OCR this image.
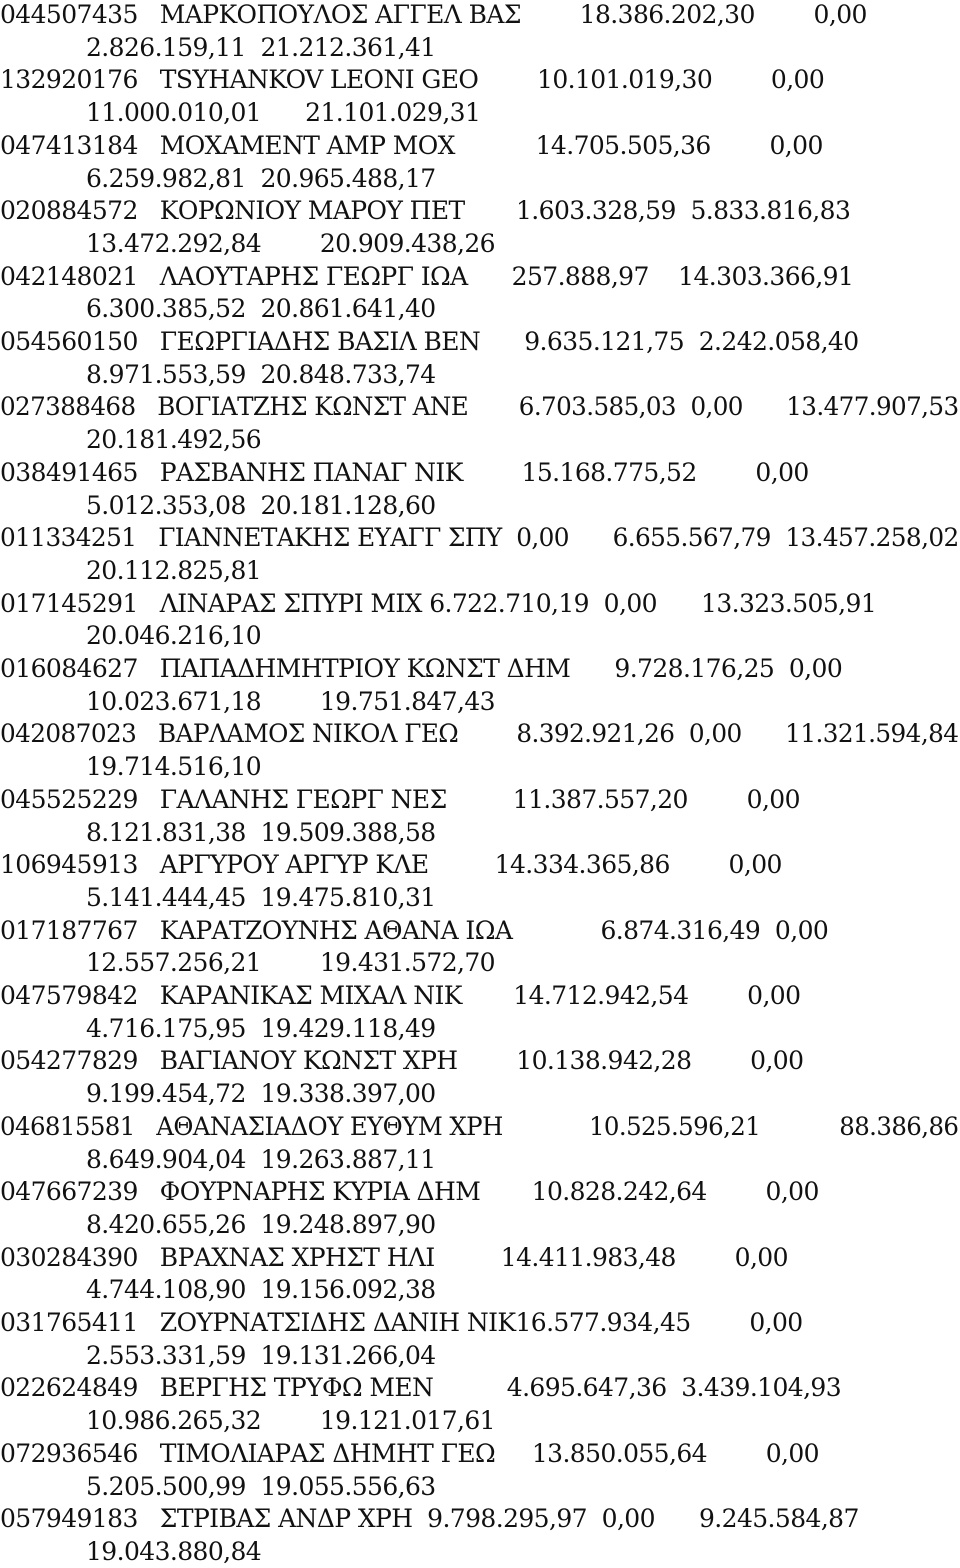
044507435   ΜΑΡΚΟΠΟΥΛΟΣ ΑΓΓΕΛ ΒΑΣ        18.386.202,30        0,00
2.826.159,11  21.212.361,41
132920176   TSYHANKOV LEONI GEO        10.101.019,30        0,00
11.000.010,01      21.101.029,31
047413184   ΜΟΧΑΜΕΝΤ ΑΜΡ ΜΟΧ           14.705.505,36        0,00
6.259.982,81  20.965.488,17
020884572   ΚΟΡΩΝΙΟΥ ΜΑΡΟΥ ΠΕΤ       1.603.328,59  5.833.816,83
13.472.292,84        20.909.438,26
042148021   ΛΑΟΥΤΑΡΗΣ ΓΕΩΡΓ ΙΩΑ      257.888,97    14.303.366,91
6.300.385,52  20.861.641,40
054560150   ΓΕΩΡΓΙΑΔΗΣ ΒΑΣΙΛ ΒΕΝ      9.635.121,75  2.242.058,40
8.971.553,59  20.848.733,74
027388468   ΒΟΓΙΑΤΖΗΣ ΚΩΝΣΤ ΑΝΕ       6.703.585,03  0,00      13.477.907,53
20.181.492,56
038491465   ΡΑΣΒΑΝΗΣ ΠΑΝΑΓ ΝΙΚ        15.168.775,52        0,00
5.012.353,08  20.181.128,60
011334251   ΓΙΑΝΝΕΤΑΚΗΣ ΕΥΑΓΓ ΣΠΥ  0,00      6.655.567,79  13.457.258,02
20.112.825,81
017145291   ΛΙΝΑΡΑΣ ΣΠΥΡΙ ΜΙΧ 6.722.710,19  0,00      13.323.505,91
20.046.216,10
016084627   ΠΑΠΑΔΗΜΗΤΡΙΟΥ ΚΩΝΣΤ ΔΗΜ      9.728.176,25  0,00
10.023.671,18        19.751.847,43
042087023   ΒΑΡΛΑΜΟΣ ΝΙΚΟΛ ΓΕΩ        8.392.921,26  0,00      11.321.594,84
19.714.516,10
045525229   ΓΑΛΑΝΗΣ ΓΕΩΡΓ ΝΕΣ         11.387.557,20        0,00
8.121.831,38  19.509.388,58
106945913   ΑΡΓΥΡΟΥ ΑΡΓΥΡ ΚΛΕ         14.334.365,86        0,00
5.141.444,45  19.475.810,31
017187767   ΚΑΡΑΤΖΟΥΝΗΣ ΑΘΑΝΑ ΙΩΑ            6.874.316,49  0,00
12.557.256,21        19.431.572,70
047579842   ΚΑΡΑΝΙΚΑΣ ΜΙΧΑΛ ΝΙΚ       14.712.942,54        0,00
4.716.175,95  19.429.118,49
054277829   ΒΑΓΙΑΝΟΥ ΚΩΝΣΤ ΧΡΗ        10.138.942,28        0,00
9.199.454,72  19.338.397,00
046815581   ΑΘΑΝΑΣΙΑΔΟΥ ΕΥΘΥΜ ΧΡΗ            10.525.596,21           88.386,86
8.649.904,04  19.263.887,11
047667239   ΦΟΥΡΝΑΡΗΣ ΚΥΡΙΑ ΔΗΜ       10.828.242,64        0,00
8.420.655,26  19.248.897,90
030284390   ΒΡΑΧΝΑΣ ΧΡΗΣΤ ΗΛΙ         14.411.983,48        0,00
4.744.108,90  19.156.092,38
031765411   ΖΟΥΡΝΑΤΣΙΔΗΣ ΔΑΝΙΗ ΝΙΚ16.577.934,45        0,00
2.553.331,59  19.131.266,04
022624849   ΒΕΡΓΗΣ ΤΡΥΦΩ ΜΕΝ          4.695.647,36  3.439.104,93
10.986.265,32        19.121.017,61
072936546   ΤΙΜΟΛΙΑΡΑΣ ΔΗΜΗΤ ΓΕΩ     13.850.055,64        0,00
5.205.500,99  19.055.556,63
057949183   ΣΤΡΙΒΑΣ ΑΝΔΡ ΧΡΗ  9.798.295,97  0,00      9.245.584,87
19.043.880,84
